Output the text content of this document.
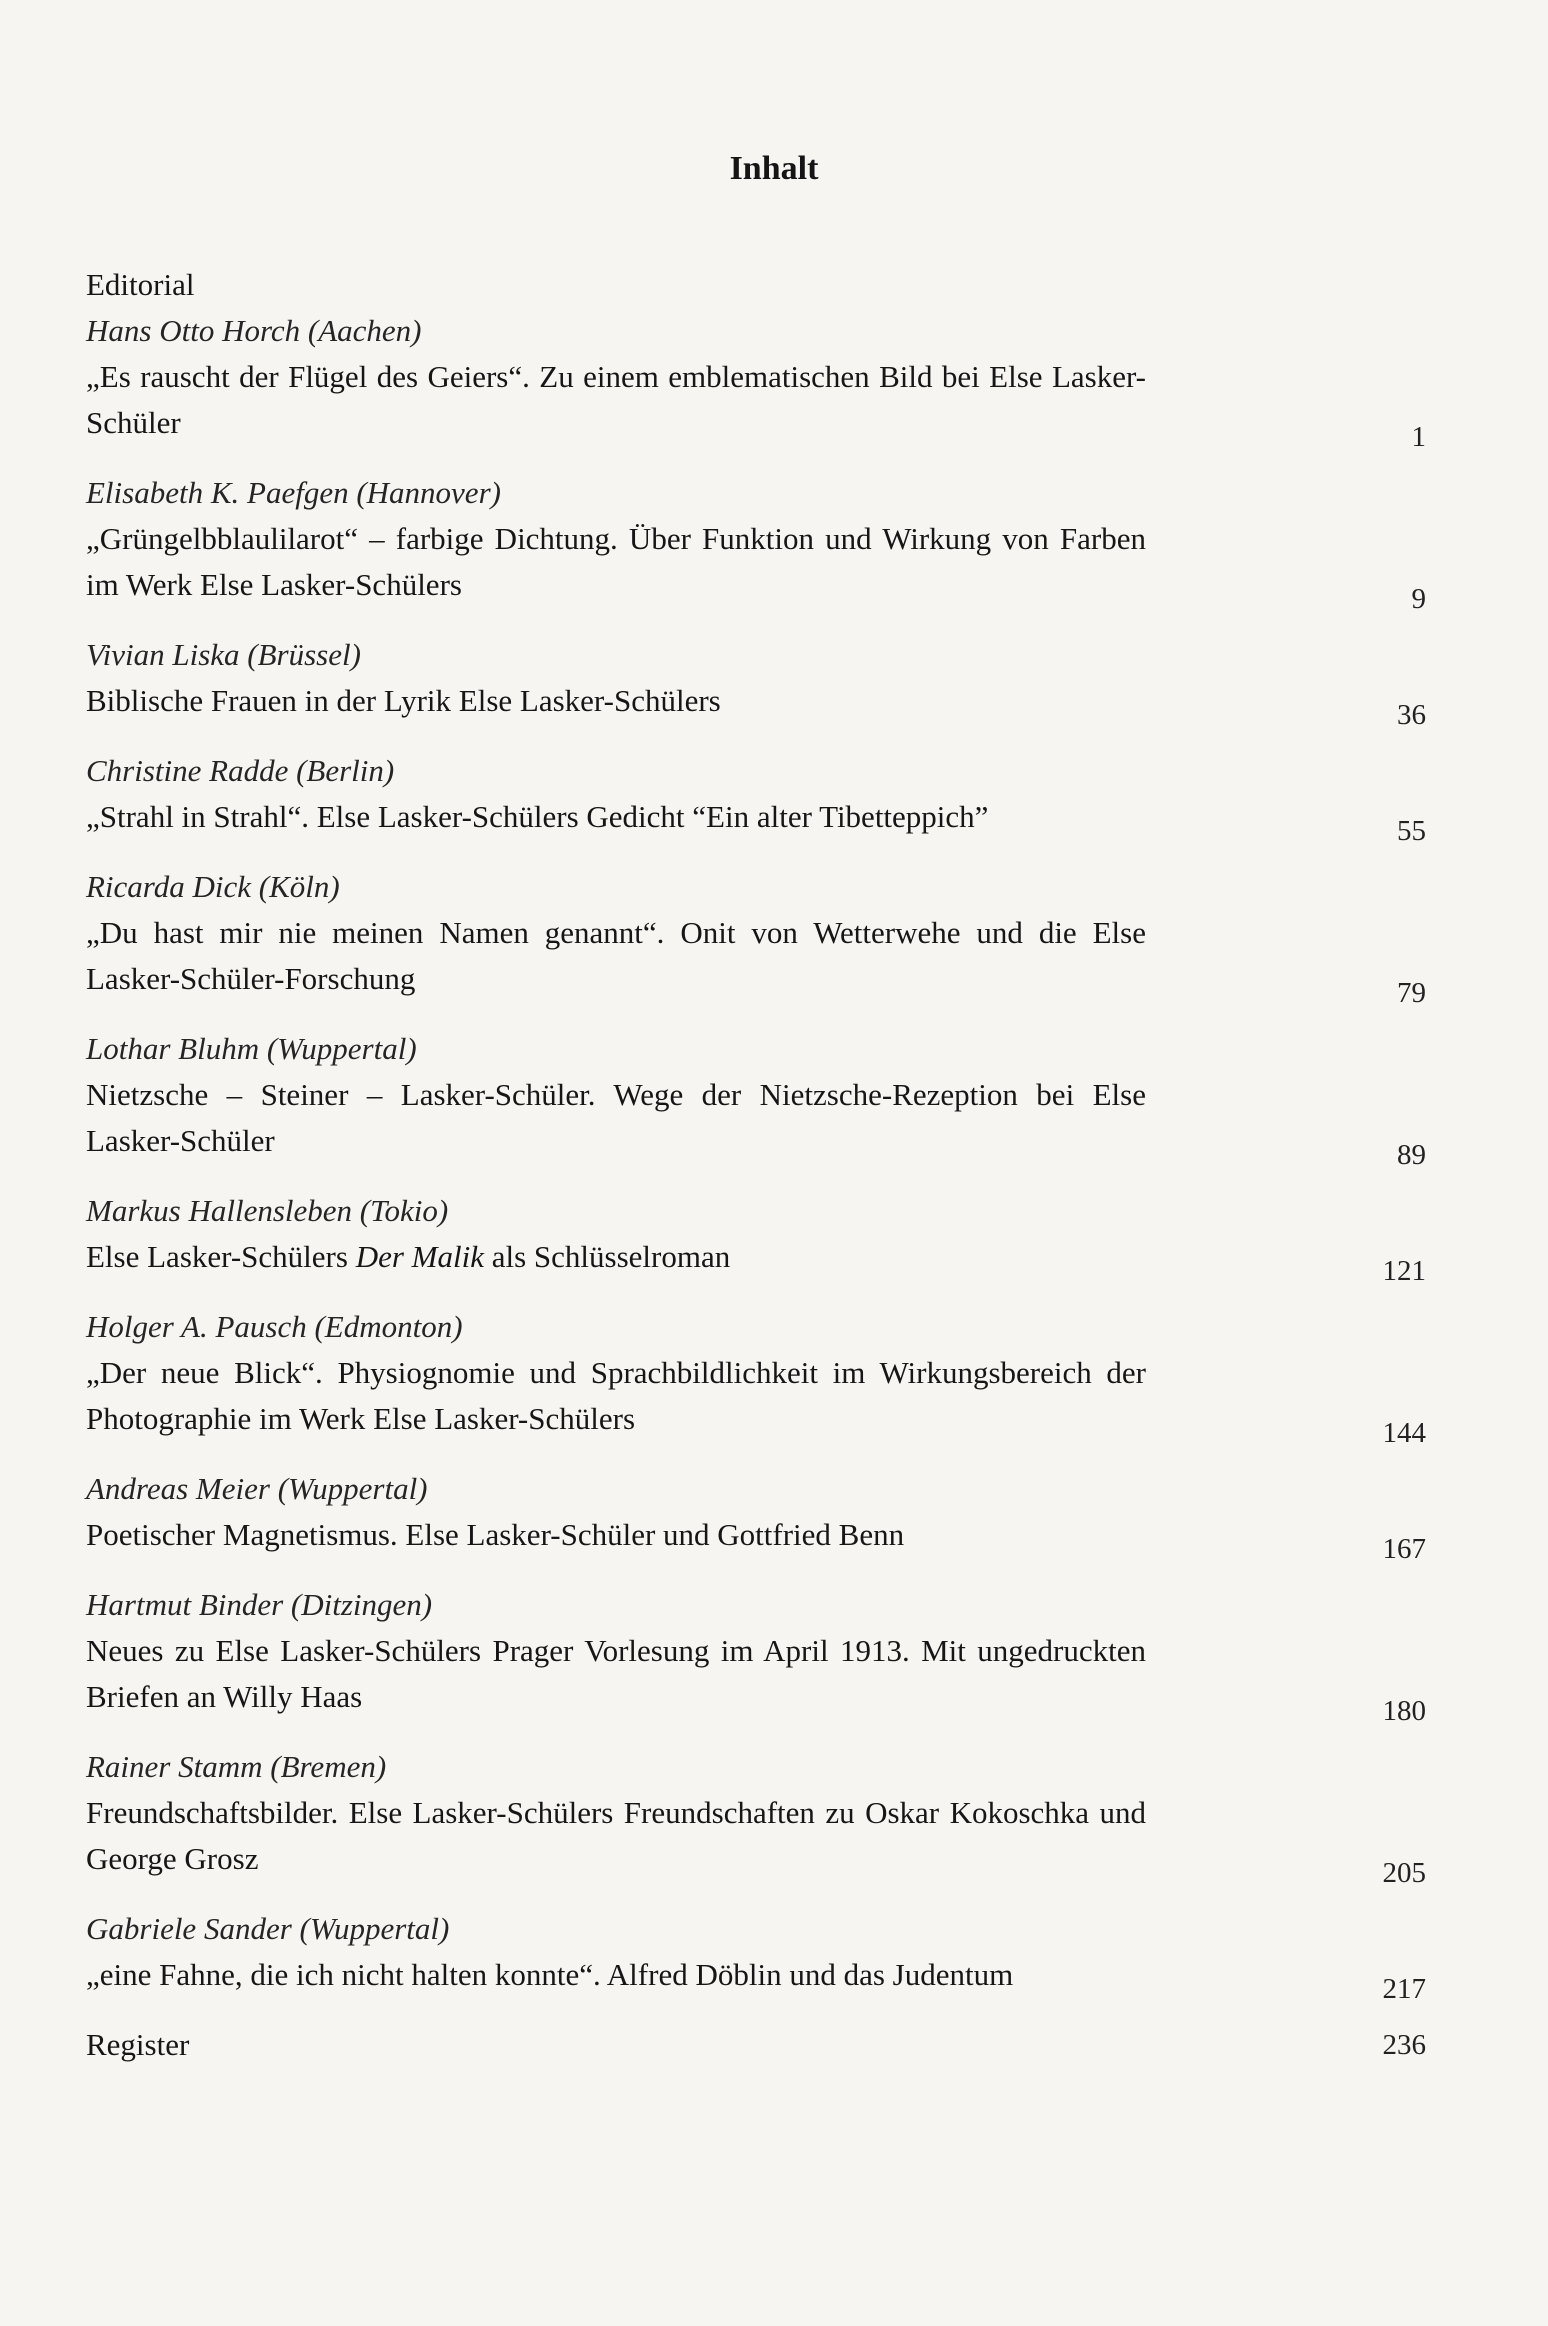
Inhalt
Editorial
Hans Otto Horch (Aachen)
„Es rauscht der Flügel des Geiers“. Zu einem emblematischen Bild bei Else Lasker-Schüler	1
Elisabeth K. Paefgen (Hannover)
„Grüngelbblaulilarot“ – farbige Dichtung. Über Funktion und Wirkung von Farben im Werk Else Lasker-Schülers	9
Vivian Liska (Brüssel)
Biblische Frauen in der Lyrik Else Lasker-Schülers	36
Christine Radde (Berlin)
„Strahl in Strahl“. Else Lasker-Schülers Gedicht “Ein alter Tibetteppich”	55
Ricarda Dick (Köln)
„Du hast mir nie meinen Namen genannt“. Onit von Wetterwehe und die Else Lasker-Schüler-Forschung	79
Lothar Bluhm (Wuppertal)
Nietzsche – Steiner – Lasker-Schüler. Wege der Nietzsche-Rezeption bei Else Lasker-Schüler	89
Markus Hallensleben (Tokio)
Else Lasker-Schülers Der Malik als Schlüsselroman	121
Holger A. Pausch (Edmonton)
„Der neue Blick“. Physiognomie und Sprachbildlichkeit im Wirkungsbereich der Photographie im Werk Else Lasker-Schülers	144
Andreas Meier (Wuppertal)
Poetischer Magnetismus. Else Lasker-Schüler und Gottfried Benn	167
Hartmut Binder (Ditzingen)
Neues zu Else Lasker-Schülers Prager Vorlesung im April 1913. Mit ungedruckten Briefen an Willy Haas	180
Rainer Stamm (Bremen)
Freundschaftsbilder. Else Lasker-Schülers Freundschaften zu Oskar Kokoschka und George Grosz	205
Gabriele Sander (Wuppertal)
„eine Fahne, die ich nicht halten konnte“. Alfred Döblin und das Judentum	217
Register	236
